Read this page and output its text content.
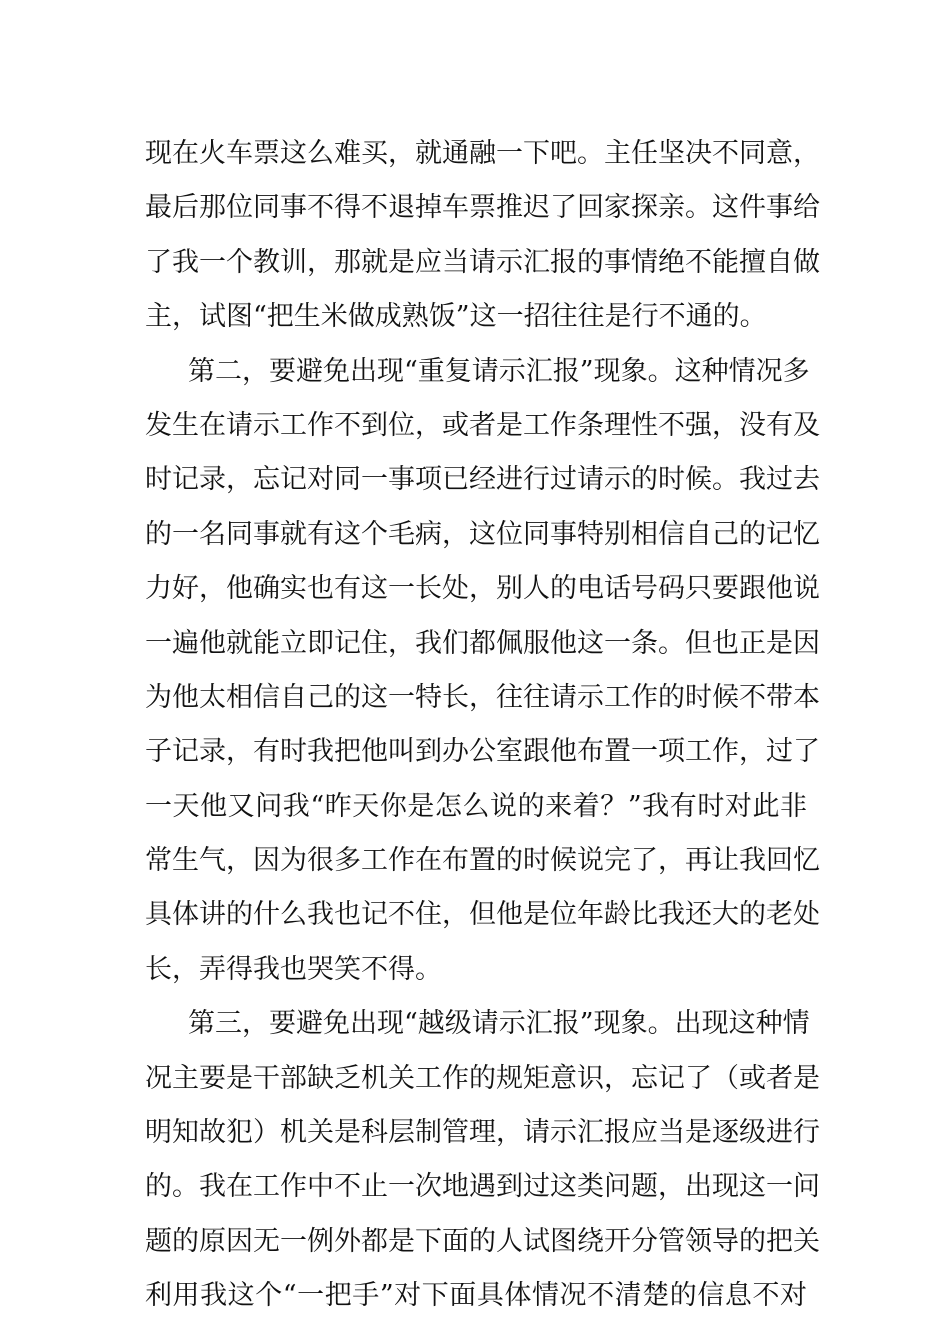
现在火车票这么难买，就通融一下吧。主任坚决不同意，
最后那位同事不得不退掉车票推迟了回家探亲。这件事给
了我一个教训，那就是应当请示汇报的事情绝不能擅自做
主，试图“把生米做成熟饭”这一招往往是行不通的。
第二，要避免出现“重复请示汇报”现象。这种情况多
发生在请示工作不到位，或者是工作条理性不强，没有及
时记录，忘记对同一事项已经进行过请示的时候。我过去
的一名同事就有这个毛病，这位同事特别相信自己的记忆
力好，他确实也有这一长处，别人的电话号码只要跟他说
一遍他就能立即记住，我们都佩服他这一条。但也正是因
为他太相信自己的这一特长，往往请示工作的时候不带本
子记录，有时我把他叫到办公室跟他布置一项工作，过了
一天他又问我“昨天你是怎么说的来着？”我有时对此非
常生气，因为很多工作在布置的时候说完了，再让我回忆
具体讲的什么我也记不住，但他是位年龄比我还大的老处
长，弄得我也哭笑不得。
第三，要避免出现“越级请示汇报”现象。出现这种情
况主要是干部缺乏机关工作的规矩意识，忘记了（或者是
明知故犯）机关是科层制管理，请示汇报应当是逐级进行
的。我在工作中不止一次地遇到过这类问题，出现这一问
题的原因无一例外都是下面的人试图绕开分管领导的把关
利用我这个“一把手”对下面具体情况不清楚的信息不对
